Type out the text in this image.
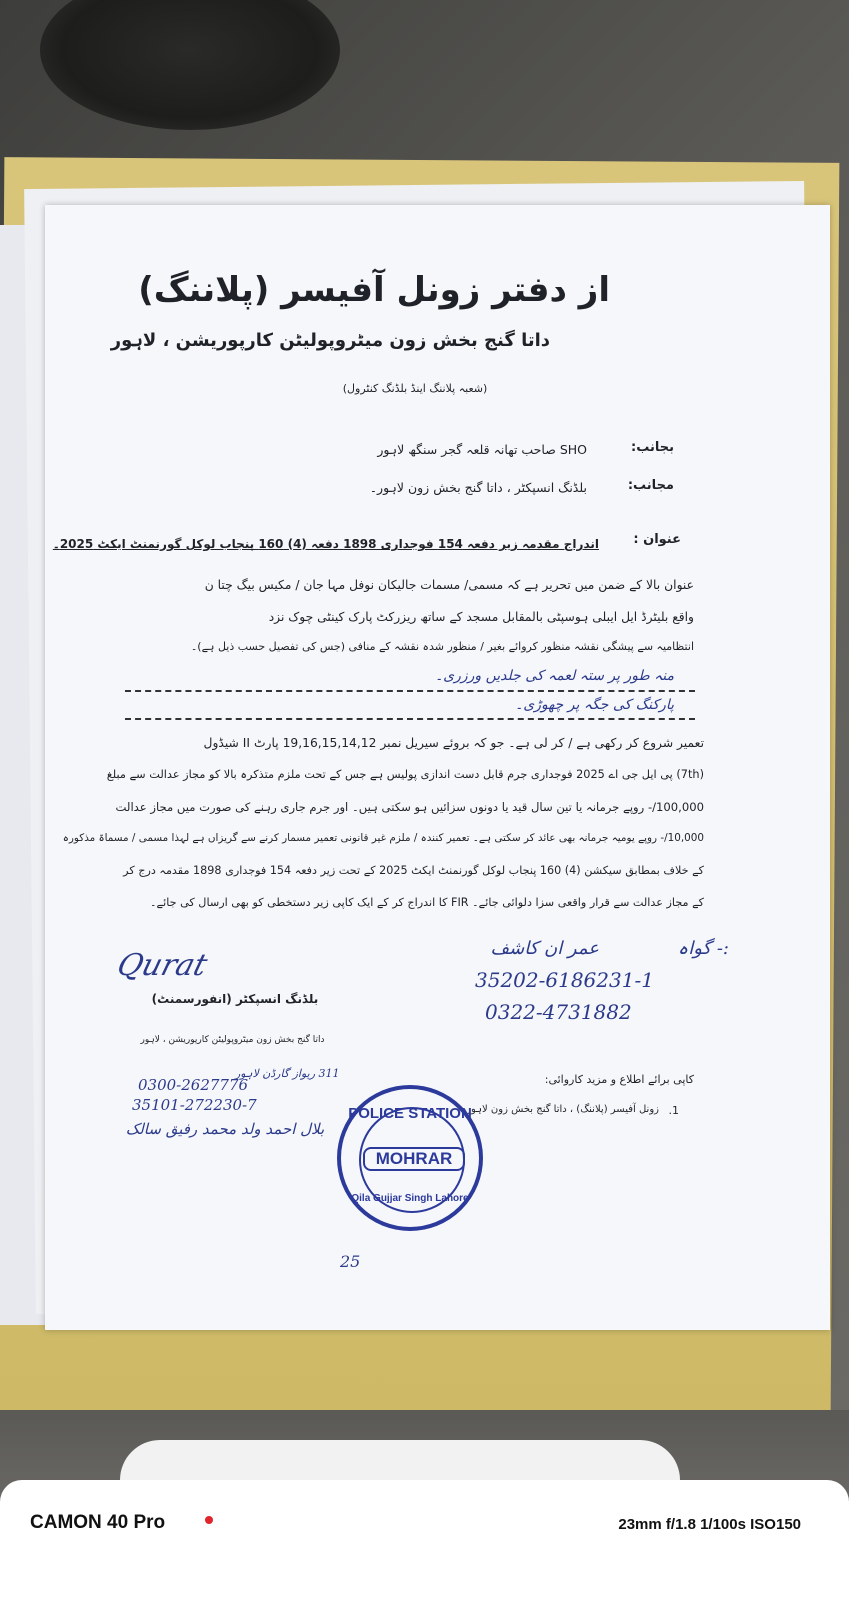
از دفتر زونل آفیسر (پلاننگ)
داتا گنج بخش زون میٹروپولیٹن کارپوریشن ، لاہور
(شعبہ پلاننگ اینڈ بلڈنگ کنٹرول)
بجانب:
SHO صاحب تھانہ قلعہ گجر سنگھ لاہور
مجانب:
بلڈنگ انسپکٹر ، داتا گنج بخش زون لاہور۔
عنوان :
اندراج مقدمہ زیر دفعہ 154 فوجداری 1898 دفعہ (4) 160 پنجاب لوکل گورنمنٹ ایکٹ 2025۔
عنوان بالا کے ضمن میں تحریر ہے کہ مسمی/ مسمات جالیکان نوفل مہا جان / مکیس بیگ چتا ن
واقع بلیٹرڈ ایل ایبلی ہوسپٹی بالمقابل مسجد کے ساتھ ریزرکٹ پارک کینٹی چوک نزد
انتظامیہ سے پیشگی نقشہ منظور کروائے بغیر / منظور شدہ نقشہ کے منافی (جس کی تفصیل حسب ذیل ہے)۔
منہ طور پر ستہ لعمہ کی جلدیں ورزری۔
پارکنگ کی جگہ پر چھوڑی۔
تعمیر شروع کر رکھی ہے / کر لی ہے۔ جو کہ بروئے سیریل نمبر 19,16,15,14,12 پارٹ II شیڈول
(7th) پی ایل جی اے 2025 فوجداری جرم قابل دست اندازی پولیس ہے جس کے تحت ملزم متذکرہ بالا کو مجاز عدالت سے مبلغ
100,000/- روپے جرمانہ یا تین سال قید یا دونوں سزائیں ہو سکتی ہیں۔ اور جرم جاری رہنے کی صورت میں مجاز عدالت
10,000/- روپے یومیہ جرمانہ بھی عائد کر سکتی ہے۔ تعمیر کنندہ / ملزم غیر قانونی تعمیر مسمار کرنے سے گریزاں ہے لہذا مسمی / مسماۃ مذکورہ
کے خلاف بمطابق سیکشن (4) 160 پنجاب لوکل گورنمنٹ ایکٹ 2025 کے تحت زیر دفعہ 154 فوجداری 1898 مقدمہ درج کر
کے مجاز عدالت سے قرار واقعی سزا دلوائی جائے۔ FIR کا اندراج کر کے ایک کاپی زیر دستخطی کو بھی ارسال کی جائے۔
:- گواہ
عمر ان کاشف
35202-6186231-1
0322-4731882
Qurat
بلڈنگ انسپکٹر (انفورسمنٹ)
داتا گنج بخش زون میٹروپولیٹن کارپوریشن ، لاہور
311 ریواز گارڈن لاہور
0300-2627776
35101-272230-7
بلال احمد ولد محمد رفیق سالک
کاپی برائے اطلاع و مزید کاروائی:
1.
زونل آفیسر (پلاننگ) ، داتا گنج بخش زون لاہور۔
POLICE STATION
MOHRAR
Qila Gujjar Singh Lahore
25
CAMON 40 Pro	23mm f/1.8 1/100s ISO150
